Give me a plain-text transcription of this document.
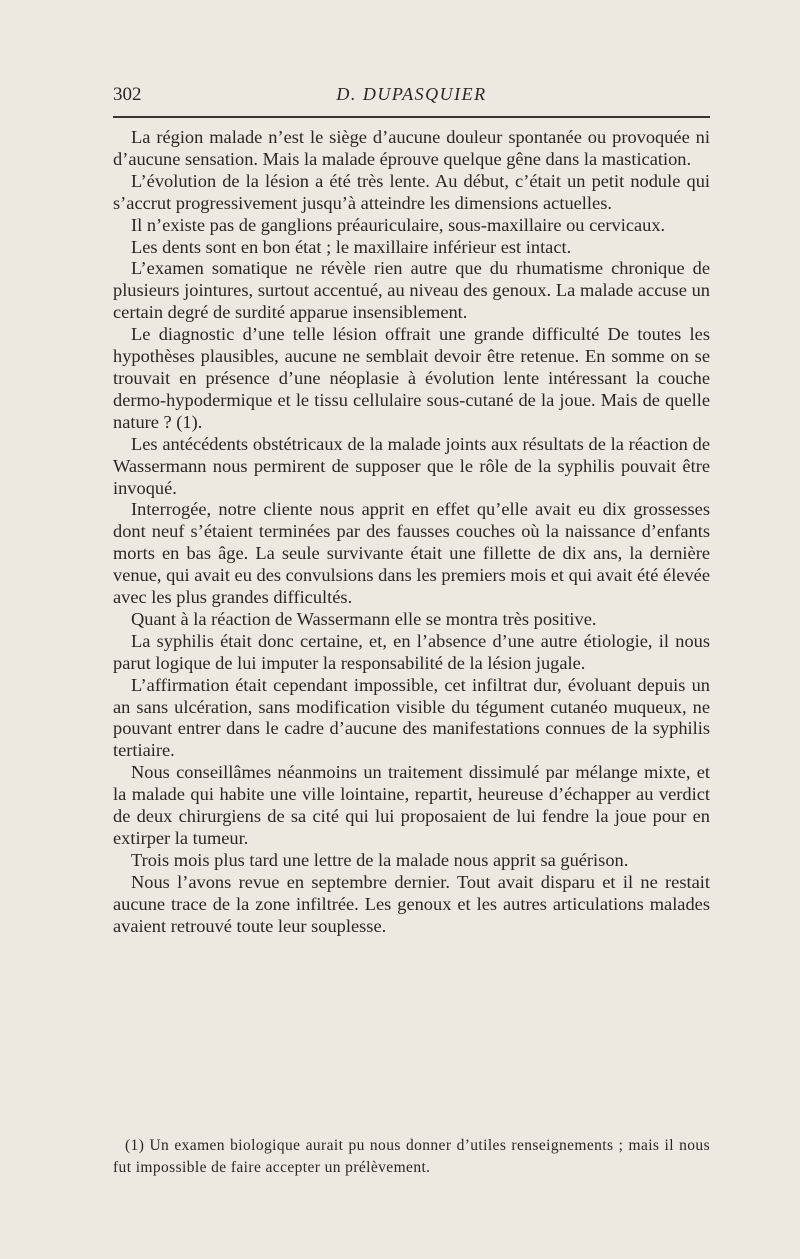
302	D. DUPASQUIER

La région malade n’est le siège d’aucune douleur spontanée ou provoquée ni d’aucune sensation. Mais la malade éprouve quelque gêne dans la mastication.

L’évolution de la lésion a été très lente. Au début, c’était un petit nodule qui s’accrut progressivement jusqu’à atteindre les dimensions actuelles.

Il n’existe pas de ganglions préauriculaire, sous-maxillaire ou cervicaux.

Les dents sont en bon état ; le maxillaire inférieur est intact.

L’examen somatique ne révèle rien autre que du rhumatisme chronique de plusieurs jointures, surtout accentué, au niveau des genoux. La malade accuse un certain degré de surdité apparue insensiblement.

Le diagnostic d’une telle lésion offrait une grande difficulté De toutes les hypothèses plausibles, aucune ne semblait devoir être retenue. En somme on se trouvait en présence d’une néoplasie à évolution lente intéressant la couche dermo-hypodermique et le tissu cellulaire sous-cutané de la joue. Mais de quelle nature ? (1).

Les antécédents obstétricaux de la malade joints aux résultats de la réaction de Wassermann nous permirent de supposer que le rôle de la syphilis pouvait être invoqué.

Interrogée, notre cliente nous apprit en effet qu’elle avait eu dix grossesses dont neuf s’étaient terminées par des fausses couches où la naissance d’enfants morts en bas âge. La seule survivante était une fillette de dix ans, la dernière venue, qui avait eu des convulsions dans les premiers mois et qui avait été élevée avec les plus grandes difficultés.

Quant à la réaction de Wassermann elle se montra très positive.

La syphilis était donc certaine, et, en l’absence d’une autre étiologie, il nous parut logique de lui imputer la responsabilité de la lésion jugale.

L’affirmation était cependant impossible, cet infiltrat dur, évoluant depuis un an sans ulcération, sans modification visible du tégument cutanéo muqueux, ne pouvant entrer dans le cadre d’aucune des manifestations connues de la syphilis tertiaire.

Nous conseillâmes néanmoins un traitement dissimulé par mélange mixte, et la malade qui habite une ville lointaine, repartit, heureuse d’échapper au verdict de deux chirurgiens de sa cité qui lui proposaient de lui fendre la joue pour en extirper la tumeur.

Trois mois plus tard une lettre de la malade nous apprit sa guérison.

Nous l’avons revue en septembre dernier. Tout avait disparu et il ne restait aucune trace de la zone infiltrée. Les genoux et les autres articulations malades avaient retrouvé toute leur souplesse.

(1) Un examen biologique aurait pu nous donner d’utiles renseignements ; mais il nous fut impossible de faire accepter un prélèvement.
